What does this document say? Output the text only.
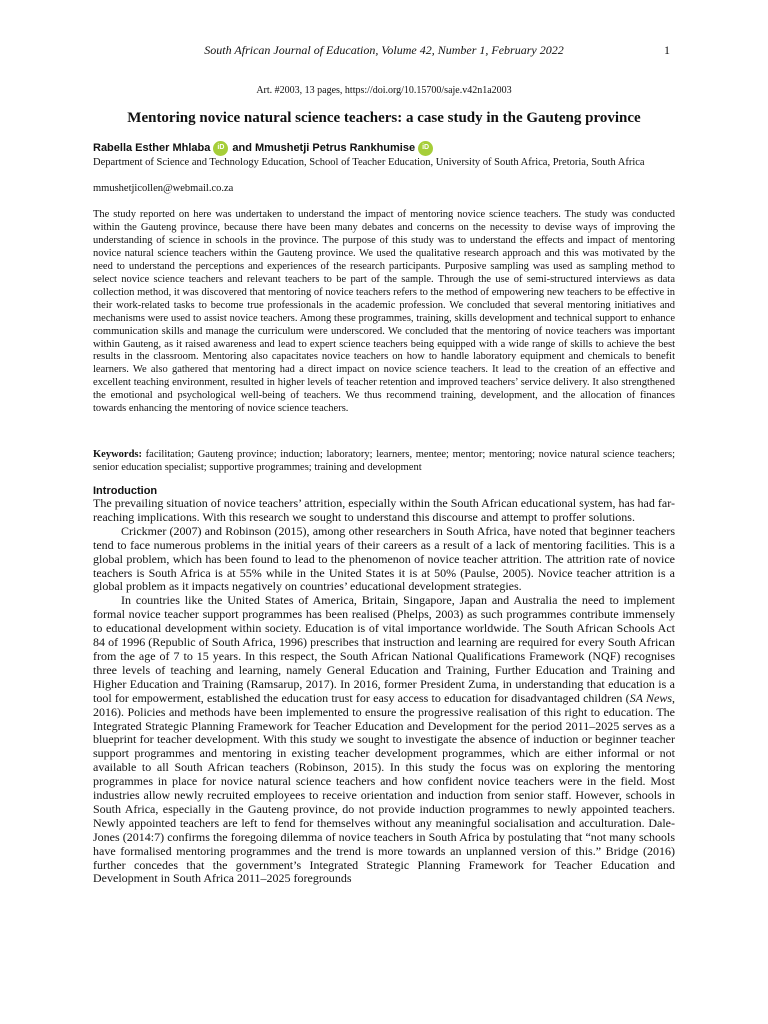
South African Journal of Education, Volume 42, Number 1, February 2022	1
Art. #2003, 13 pages, https://doi.org/10.15700/saje.v42n1a2003
Mentoring novice natural science teachers: a case study in the Gauteng province
Rabella Esther Mhlaba	iD and Mmushetji Petrus Rankhumise	iD
Department of Science and Technology Education, School of Teacher Education, University of South Africa, Pretoria, South Africa
mmushetjicollen@webmail.co.za

The study reported on here was undertaken to understand the impact of mentoring novice science teachers. The study was conducted within the Gauteng province, because there have been many debates and concerns on the necessity to devise ways of improving the understanding of science in schools in the province. The purpose of this study was to understand the effects and impact of mentoring novice natural science teachers within the Gauteng province. We used the qualitative research approach and this was motivated by the need to understand the perceptions and experiences of the research participants. Purposive sampling was used as sampling method to select novice science teachers and relevant teachers to be part of the sample. Through the use of semi-structured interviews as data collection method, it was discovered that mentoring of novice teachers refers to the method of empowering new teachers to be effective in their work-related tasks to become true professionals in the academic profession. We concluded that several mentoring initiatives and mechanisms were used to assist novice teachers. Among these programmes, training, skills development and technical support to enhance communication skills and manage the curriculum were underscored. We concluded that the mentoring of novice teachers was important within Gauteng, as it raised awareness and lead to expert science teachers being equipped with a wide range of skills to achieve the best results in the classroom. Mentoring also capacitates novice teachers on how to handle laboratory equipment and chemicals to benefit learners. We also gathered that mentoring had a direct impact on novice science teachers. It lead to the creation of an effective and excellent teaching environment, resulted in higher levels of teacher retention and improved teachers’ service delivery. It also strengthened the emotional and psychological well-being of teachers. We thus recommend training, development, and the allocation of finances towards enhancing the mentoring of novice science teachers.

Keywords: facilitation; Gauteng province; induction; laboratory; learners, mentee; mentor; mentoring; novice natural science teachers; senior education specialist; supportive programmes; training and development

Introduction

The prevailing situation of novice teachers’ attrition, especially within the South African educational system, has had far-reaching implications. With this research we sought to understand this discourse and attempt to proffer solutions.

Crickmer (2007) and Robinson (2015), among other researchers in South Africa, have noted that beginner teachers tend to face numerous problems in the initial years of their careers as a result of a lack of mentoring facilities. This is a global problem, which has been found to lead to the phenomenon of novice teacher attrition. The attrition rate of novice teachers is South Africa is at 55% while in the United States it is at 50% (Paulse, 2005). Novice teacher attrition is a global problem as it impacts negatively on countries’ educational development strategies.

In countries like the United States of America, Britain, Singapore, Japan and Australia the need to implement formal novice teacher support programmes has been realised (Phelps, 2003) as such programmes contribute immensely to educational development within society. Education is of vital importance worldwide. The South African Schools Act 84 of 1996 (Republic of South Africa, 1996) prescribes that instruction and learning are required for every South African from the age of 7 to 15 years. In this respect, the South African National Qualifications Framework (NQF) recognises three levels of teaching and learning, namely General Education and Training, Further Education and Training and Higher Education and Training (Ramsarup, 2017). In 2016, former President Zuma, in understanding that education is a tool for empowerment, established the education trust for easy access to education for disadvantaged children (SA News, 2016). Policies and methods have been implemented to ensure the progressive realisation of this right to education. The Integrated Strategic Planning Framework for Teacher Education and Development for the period 2011–2025 serves as a blueprint for teacher development. With this study we sought to investigate the absence of induction or beginner teacher support programmes and mentoring in existing teacher development programmes, which are either informal or not available to all South African teachers (Robinson, 2015). In this study the focus was on exploring the mentoring programmes in place for novice natural science teachers and how confident novice teachers were in the field. Most industries allow newly recruited employees to receive orientation and induction from senior staff. However, schools in South Africa, especially in the Gauteng province, do not provide induction programmes to newly appointed teachers. Newly appointed teachers are left to fend for themselves without any meaningful socialisation and acculturation. Dale-Jones (2014:7) confirms the foregoing dilemma of novice teachers in South Africa by postulating that “not many schools have formalised mentoring programmes and the trend is more towards an unplanned version of this.” Bridge (2016) further concedes that the government’s Integrated Strategic Planning Framework for Teacher Education and Development in South Africa 2011–2025 foregrounds
